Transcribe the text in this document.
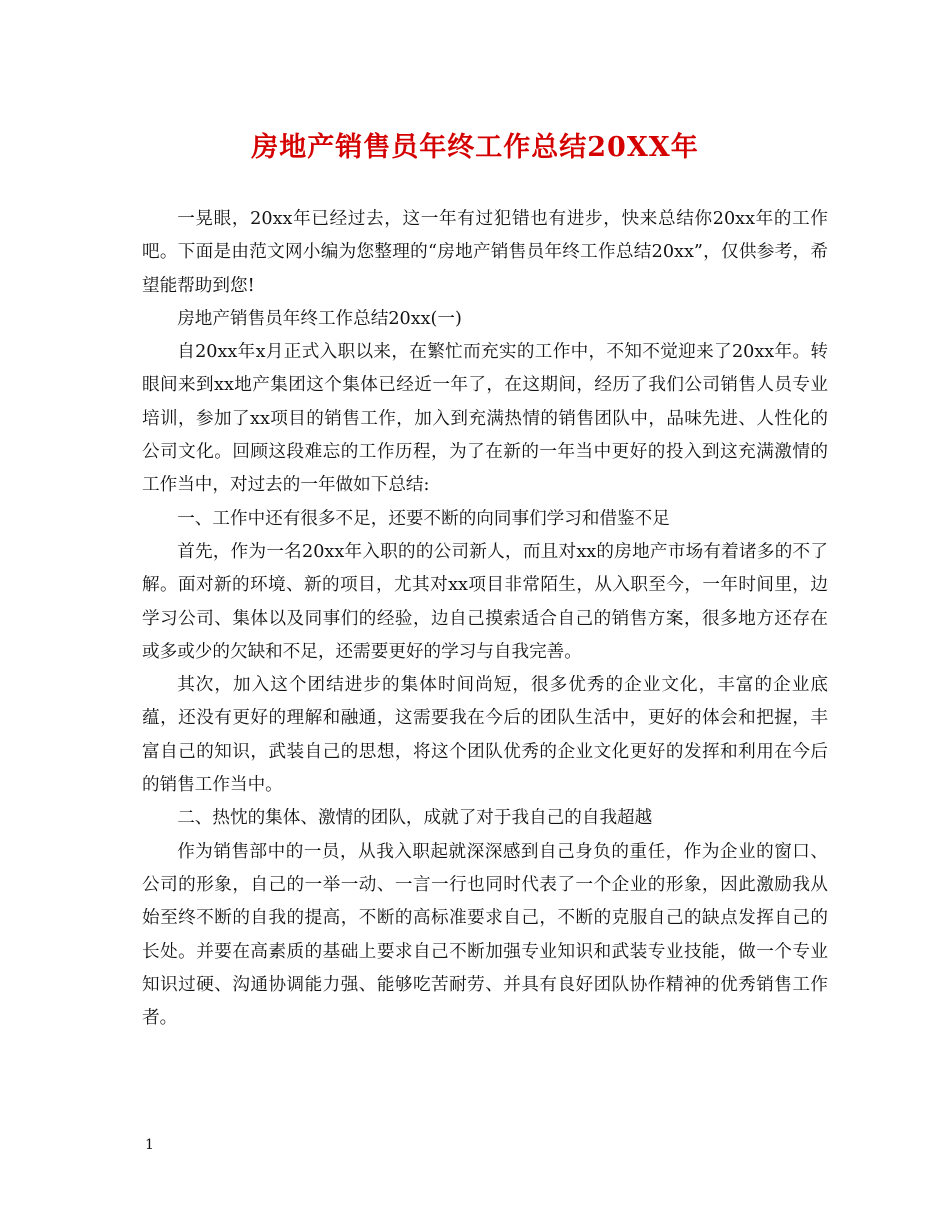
房地产销售员年终工作总结20XX年

一晃眼，20xx年已经过去，这一年有过犯错也有进步，快来总结你20xx年的工作吧。下面是由范文网小编为您整理的“房地产销售员年终工作总结20xx”，仅供参考，希望能帮助到您!

房地产销售员年终工作总结20xx(一)

自20xx年x月正式入职以来，在繁忙而充实的工作中，不知不觉迎来了20xx年。转眼间来到xx地产集团这个集体已经近一年了，在这期间，经历了我们公司销售人员专业培训，参加了xx项目的销售工作，加入到充满热情的销售团队中，品味先进、人性化的公司文化。回顾这段难忘的工作历程，为了在新的一年当中更好的投入到这充满激情的工作当中，对过去的一年做如下总结:

一、工作中还有很多不足，还要不断的向同事们学习和借鉴不足

首先，作为一名20xx年入职的的公司新人，而且对xx的房地产市场有着诸多的不了解。面对新的环境、新的项目，尤其对xx项目非常陌生，从入职至今，一年时间里，边学习公司、集体以及同事们的经验，边自己摸索适合自己的销售方案，很多地方还存在或多或少的欠缺和不足，还需要更好的学习与自我完善。

其次，加入这个团结进步的集体时间尚短，很多优秀的企业文化，丰富的企业底蕴，还没有更好的理解和融通，这需要我在今后的团队生活中，更好的体会和把握，丰富自己的知识，武装自己的思想，将这个团队优秀的企业文化更好的发挥和利用在今后的销售工作当中。

二、热忱的集体、激情的团队，成就了对于我自己的自我超越

作为销售部中的一员，从我入职起就深深感到自己身负的重任，作为企业的窗口、公司的形象，自己的一举一动、一言一行也同时代表了一个企业的形象，因此激励我从始至终不断的自我的提高，不断的高标准要求自己，不断的克服自己的缺点发挥自己的长处。并要在高素质的基础上要求自己不断加强专业知识和武装专业技能，做一个专业知识过硬、沟通协调能力强、能够吃苦耐劳、并具有良好团队协作精神的优秀销售工作者。

1
